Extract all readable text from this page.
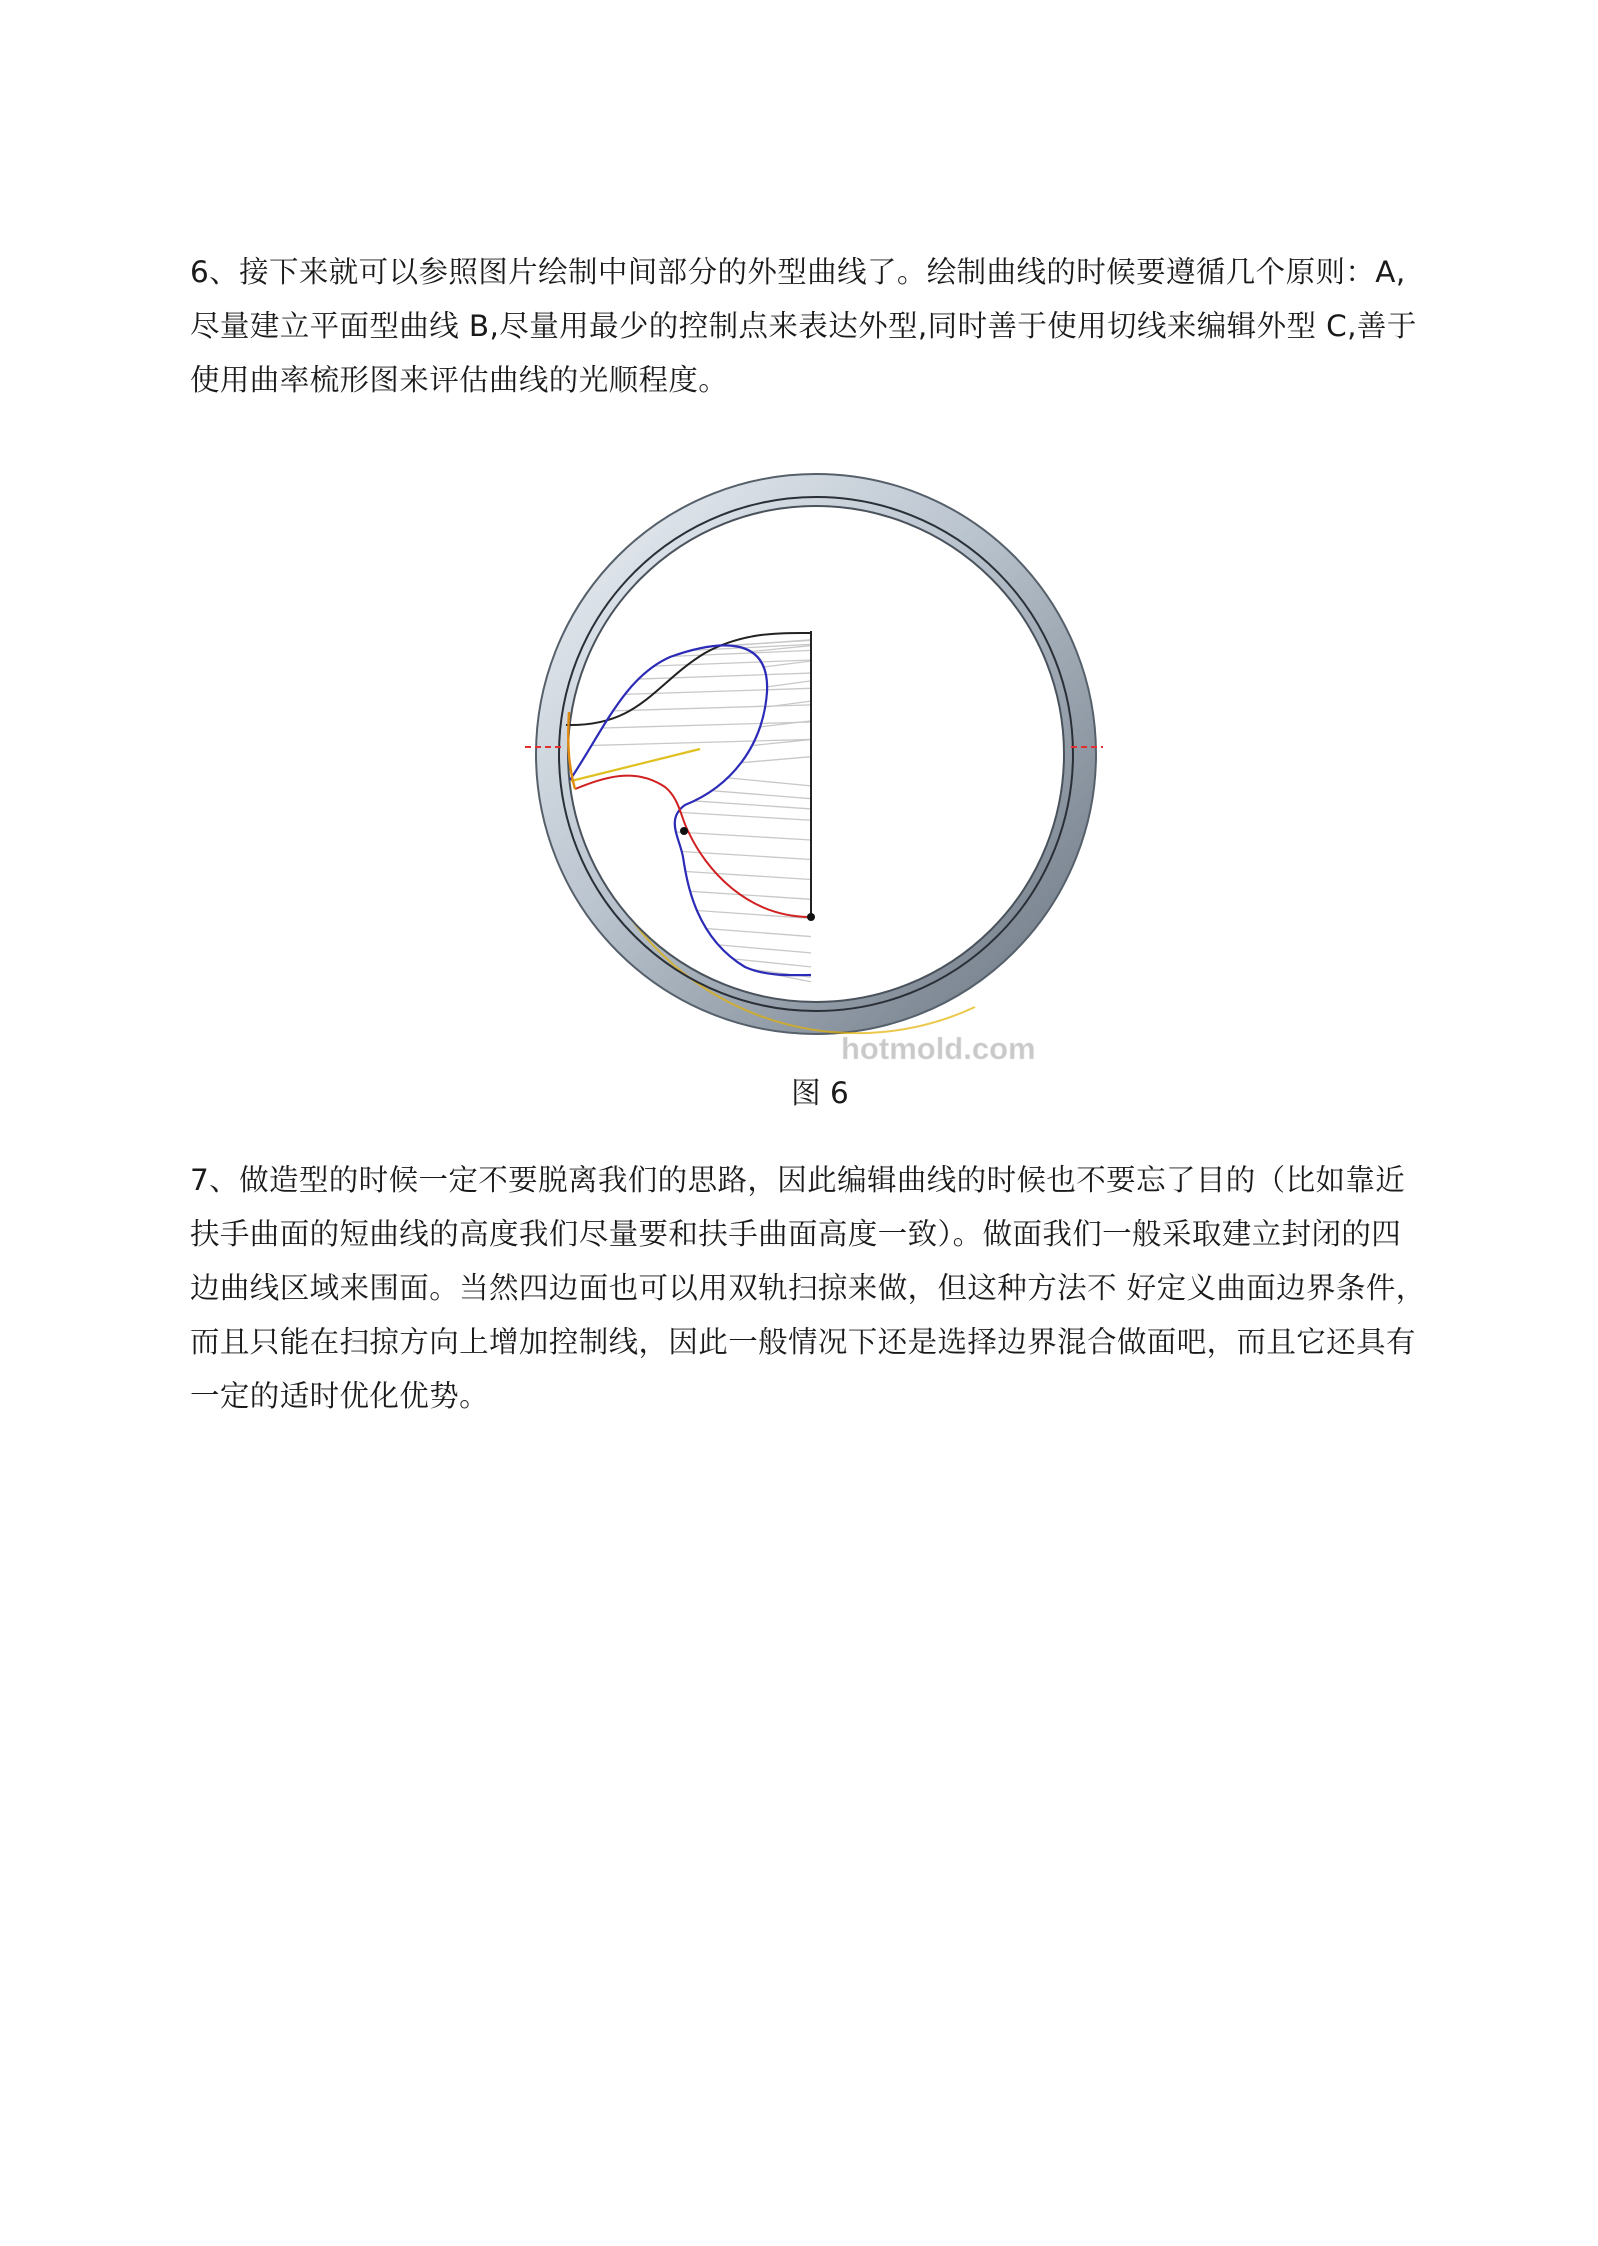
6、接下来就可以参照图片绘制中间部分的外型曲线了。绘制曲线的时候要遵循几个原则：A,尽量建立平面型曲线 B,尽量用最少的控制点来表达外型,同时善于使用切线来编辑外型 C,善于使用曲率梳形图来评估曲线的光顺程度。

hotmold.com
图 6

7、做造型的时候一定不要脱离我们的思路，因此编辑曲线的时候也不要忘了目的（比如靠近 扶手曲面的短曲线的高度我们尽量要和扶手曲面高度一致）。做面我们一般采取建立封闭的四边曲线区域来围面。当然四边面也可以用双轨扫掠来做，但这种方法不 好定义曲面边界条件，而且只能在扫掠方向上增加控制线，因此一般情况下还是选择边界混合做面吧，而且它还具有一定的适时优化优势。
